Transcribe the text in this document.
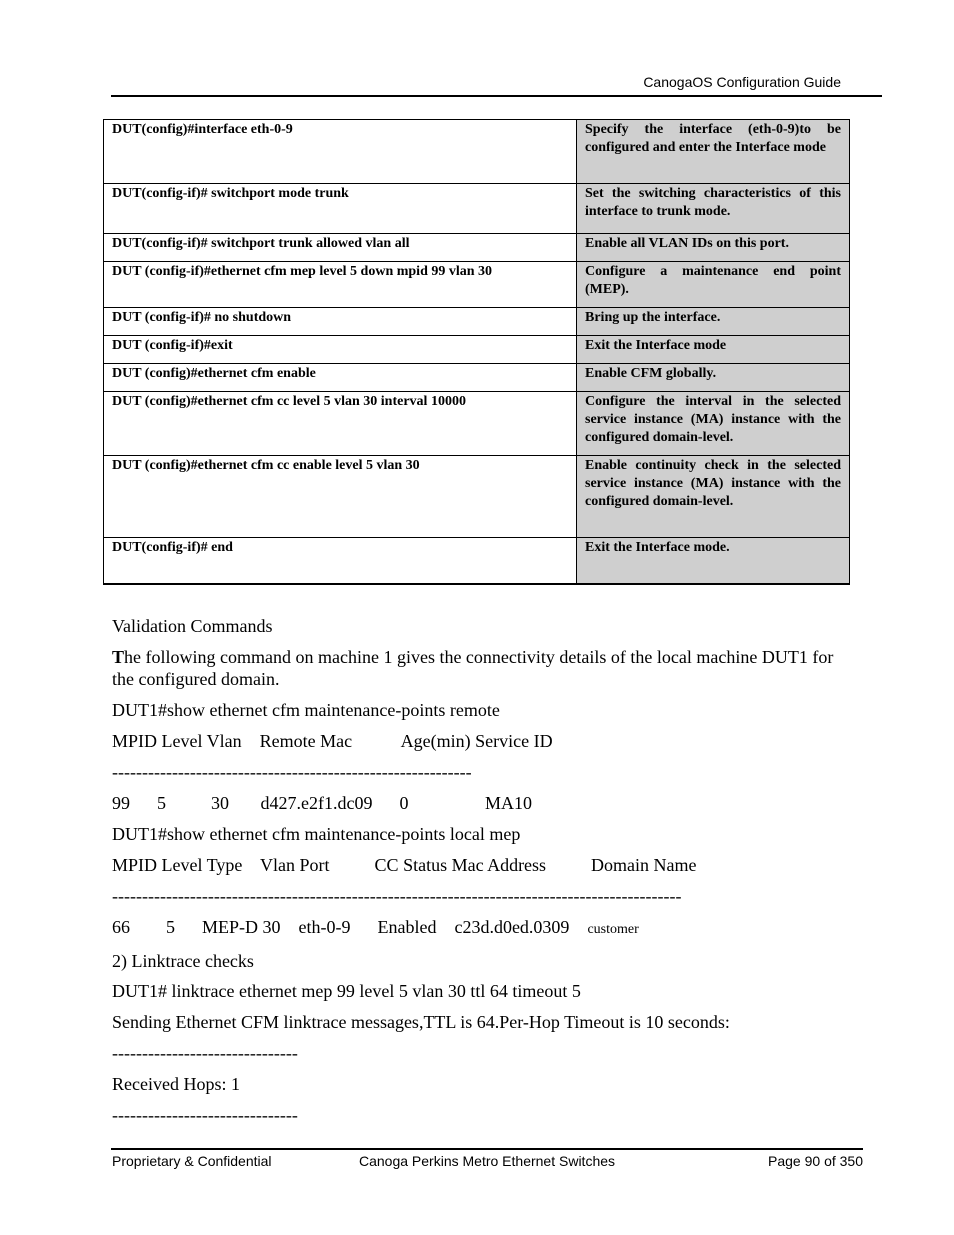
CanogaOS Configuration Guide
DUT(config)#interface eth-0-9	Specify the interface (eth-0-9)to be configured and enter the Interface mode
DUT(config-if)# switchport mode trunk	Set the switching characteristics of this interface to trunk mode.
DUT(config-if)# switchport trunk allowed vlan all	Enable all VLAN IDs on this port.
DUT (config-if)#ethernet cfm mep level 5 down mpid 99 vlan 30	Configure a maintenance end point (MEP).
DUT (config-if)# no shutdown	Bring up the interface.
DUT (config-if)#exit	Exit the Interface mode
DUT (config)#ethernet cfm enable	Enable CFM globally.
DUT (config)#ethernet cfm cc level 5 vlan 30 interval 10000	Configure the interval in the selected service instance (MA) instance with the configured domain-level.
DUT (config)#ethernet cfm cc enable level 5 vlan 30	Enable continuity check in the selected service instance (MA) instance with the configured domain-level.
DUT(config-if)# end	Exit the Interface mode.

Validation Commands

The following command on machine 1 gives the connectivity details of the local machine DUT1 for the configured domain.

DUT1#show ethernet cfm maintenance-points remote

MPID Level Vlan    Remote Mac           Age(min) Service ID

------------------------------------------------------------

99      5          30       d427.e2f1.dc09      0                 MA10

DUT1#show ethernet cfm maintenance-points local mep

MPID Level Type    Vlan Port          CC Status Mac Address          Domain Name

-----------------------------------------------------------------------------------------------

66        5      MEP-D 30    eth-0-9      Enabled    c23d.d0ed.0309    customer

2) Linktrace checks

DUT1# linktrace ethernet mep 99 level 5 vlan 30 ttl 64 timeout 5

Sending Ethernet CFM linktrace messages,TTL is 64.Per-Hop Timeout is 10 seconds:

-------------------------------

Received Hops: 1

-------------------------------

Proprietary & Confidential	Canoga Perkins Metro Ethernet Switches	Page 90 of 350
